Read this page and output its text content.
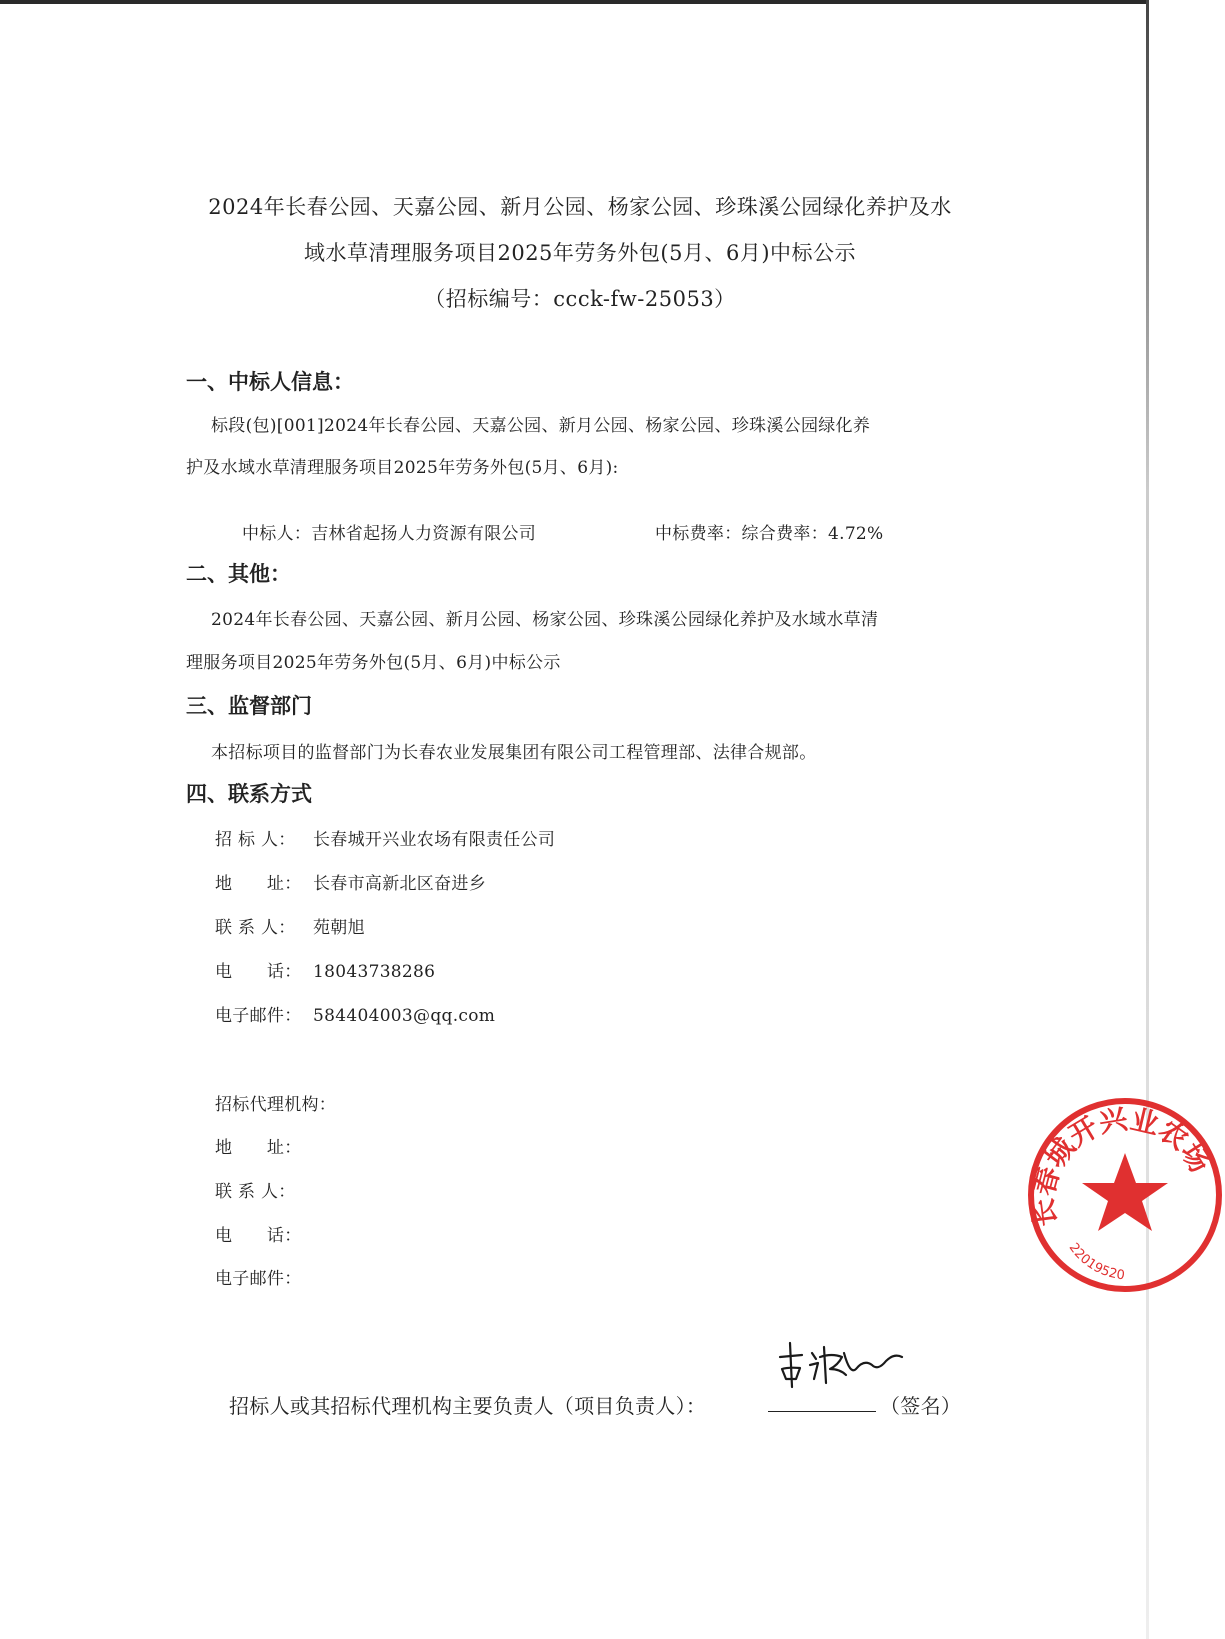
2024年长春公园、天嘉公园、新月公园、杨家公园、珍珠溪公园绿化养护及水
域水草清理服务项目2025年劳务外包(5月、6月)中标公示
（招标编号：ccck-fw-25053）
一、中标人信息：
标段(包)[001]2024年长春公园、天嘉公园、新月公园、杨家公园、珍珠溪公园绿化养
护及水域水草清理服务项目2025年劳务外包(5月、6月):
中标人：吉林省起扬人力资源有限公司	中标费率：综合费率：4.72%
二、其他：
2024年长春公园、天嘉公园、新月公园、杨家公园、珍珠溪公园绿化养护及水域水草清
理服务项目2025年劳务外包(5月、6月)中标公示
三、监督部门
本招标项目的监督部门为长春农业发展集团有限公司工程管理部、法律合规部。
四、联系方式
招 标 人： 长春城开兴业农场有限责任公司
地　　址： 长春市高新北区奋进乡
联 系 人： 苑朝旭
电　　话： 18043738286
电子邮件： 584404003@qq.com
招标代理机构：
地　　址：
联 系 人：
电　　话：
电子邮件：
招标人或其招标代理机构主要负责人（项目负责人）：	（签名）
长春城开兴业农场
22019520
